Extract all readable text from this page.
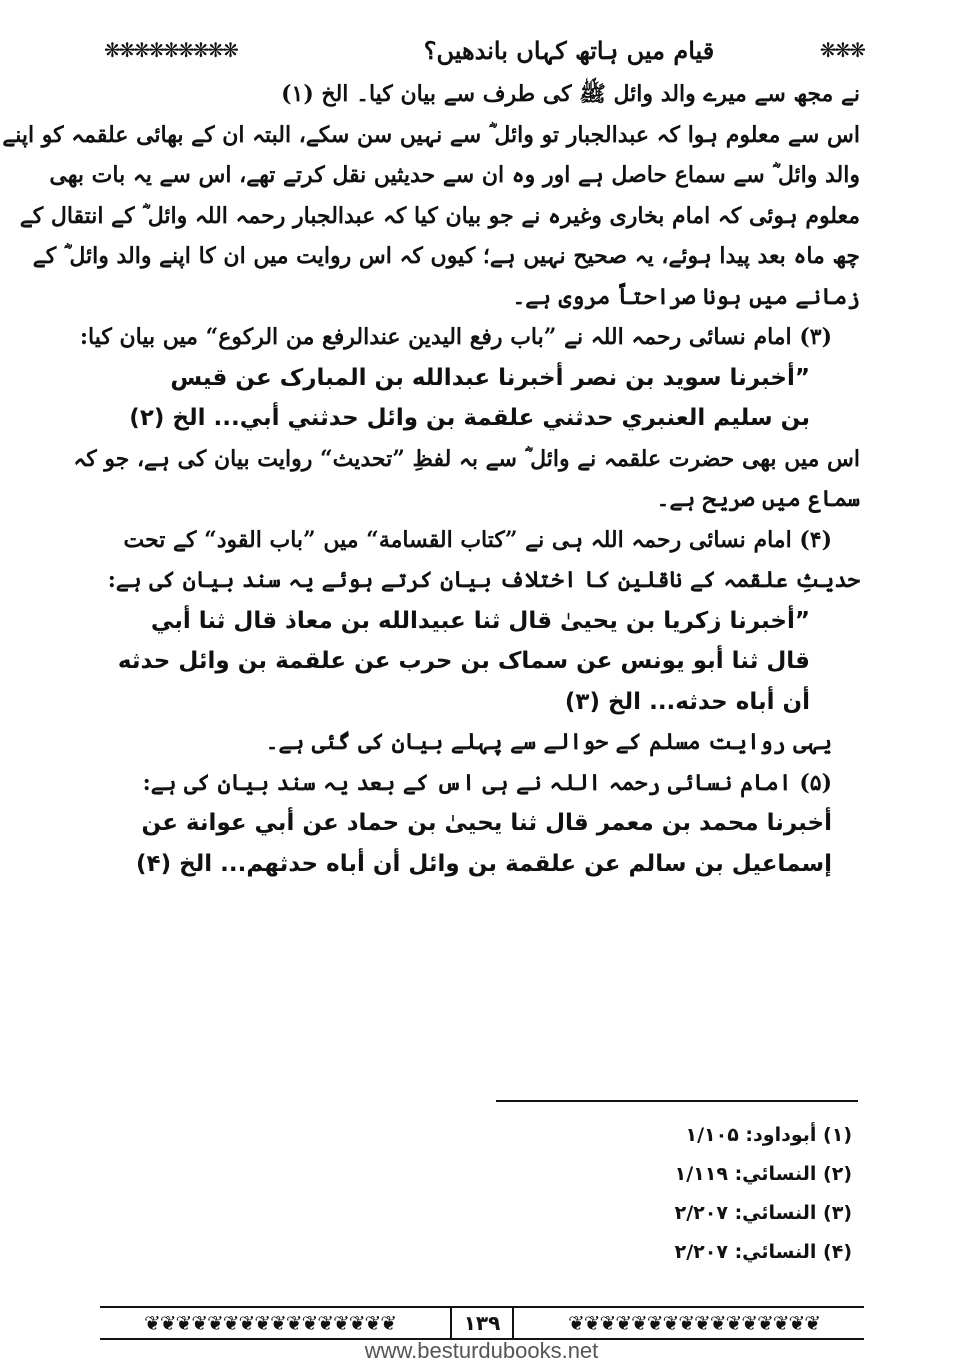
❋❋❋
قیام میں ہاتھ کہاں باندھیں؟
❋❋❋❋❋❋❋❋❋
نے مجھ سے میرے والد وائل ﷺ کی طرف سے بیان کیا۔ الخ (۱)
اس سے معلوم ہوا کہ عبدالجبار تو وائل ؓ سے نہیں سن سکے، البتہ ان کے بھائی علقمہ کو اپنے
والد وائل ؓ سے سماع حاصل ہے اور وہ ان سے حدیثیں نقل کرتے تھے، اس سے یہ بات بھی
معلوم ہوئی کہ امام بخاری وغیرہ نے جو بیان کیا کہ عبدالجبار رحمہ اللہ وائل ؓ کے انتقال کے
چھ ماہ بعد پیدا ہوئے، یہ صحیح نہیں ہے؛ کیوں کہ اس روایت میں ان کا اپنے والد وائل ؓ کے
زمانے میں ہونا صراحتاً مروی ہے۔
(۳) امام نسائی رحمہ اللہ نے ”باب رفع اليدين عندالرفع من الركوع“ میں بیان کیا:
”أخبرنا سويد بن نصر أخبرنا عبدالله بن المبارک عن قيس
بن سليم العنبري حدثني علقمة بن وائل حدثني أبي... الخ (۲)
اس میں بھی حضرت علقمہ نے وائل ؓ سے بہ لفظِ ”تحدیث“ روایت بیان کی ہے، جو کہ
سماع میں صریح ہے۔
(۴) امام نسائی رحمہ اللہ ہی نے ”کتاب القسامة“ میں ”باب القود“ کے تحت
حدیثِ علقمہ کے ناقلین کا اختلاف بیان کرتے ہوئے یہ سند بیان کی ہے:
”أخبرنا زكريا بن يحيىٰ قال ثنا عبيدالله بن معاذ قال ثنا أبي
قال ثنا أبو يونس عن سماک بن حرب عن علقمة بن وائل حدثه
أن أباه حدثه... الخ (۳)
یہی روایت مسلم کے حوالے سے پہلے بیان کی گئی ہے۔
(۵) امام نسائی رحمہ اللہ نے ہی اس کے بعد یہ سند بیان کی ہے:
أخبرنا محمد بن معمر قال ثنا يحيىٰ بن حماد عن أبي عوانة عن
إسماعيل بن سالم عن علقمة بن وائل أن أباه حدثهم... الخ (۴)
(۱) أبوداود: ۱/۱۰۵
(۲) النسائي: ۱/۱۱۹
(۳) النسائي: ۲/۲۰۷
(۴) النسائي: ۲/۲۰۷
❦❦❦❦❦❦❦❦❦❦❦❦❦❦❦❦	۱۳۹	❦❦❦❦❦❦❦❦❦❦❦❦❦❦❦❦
www.besturdubooks.net
